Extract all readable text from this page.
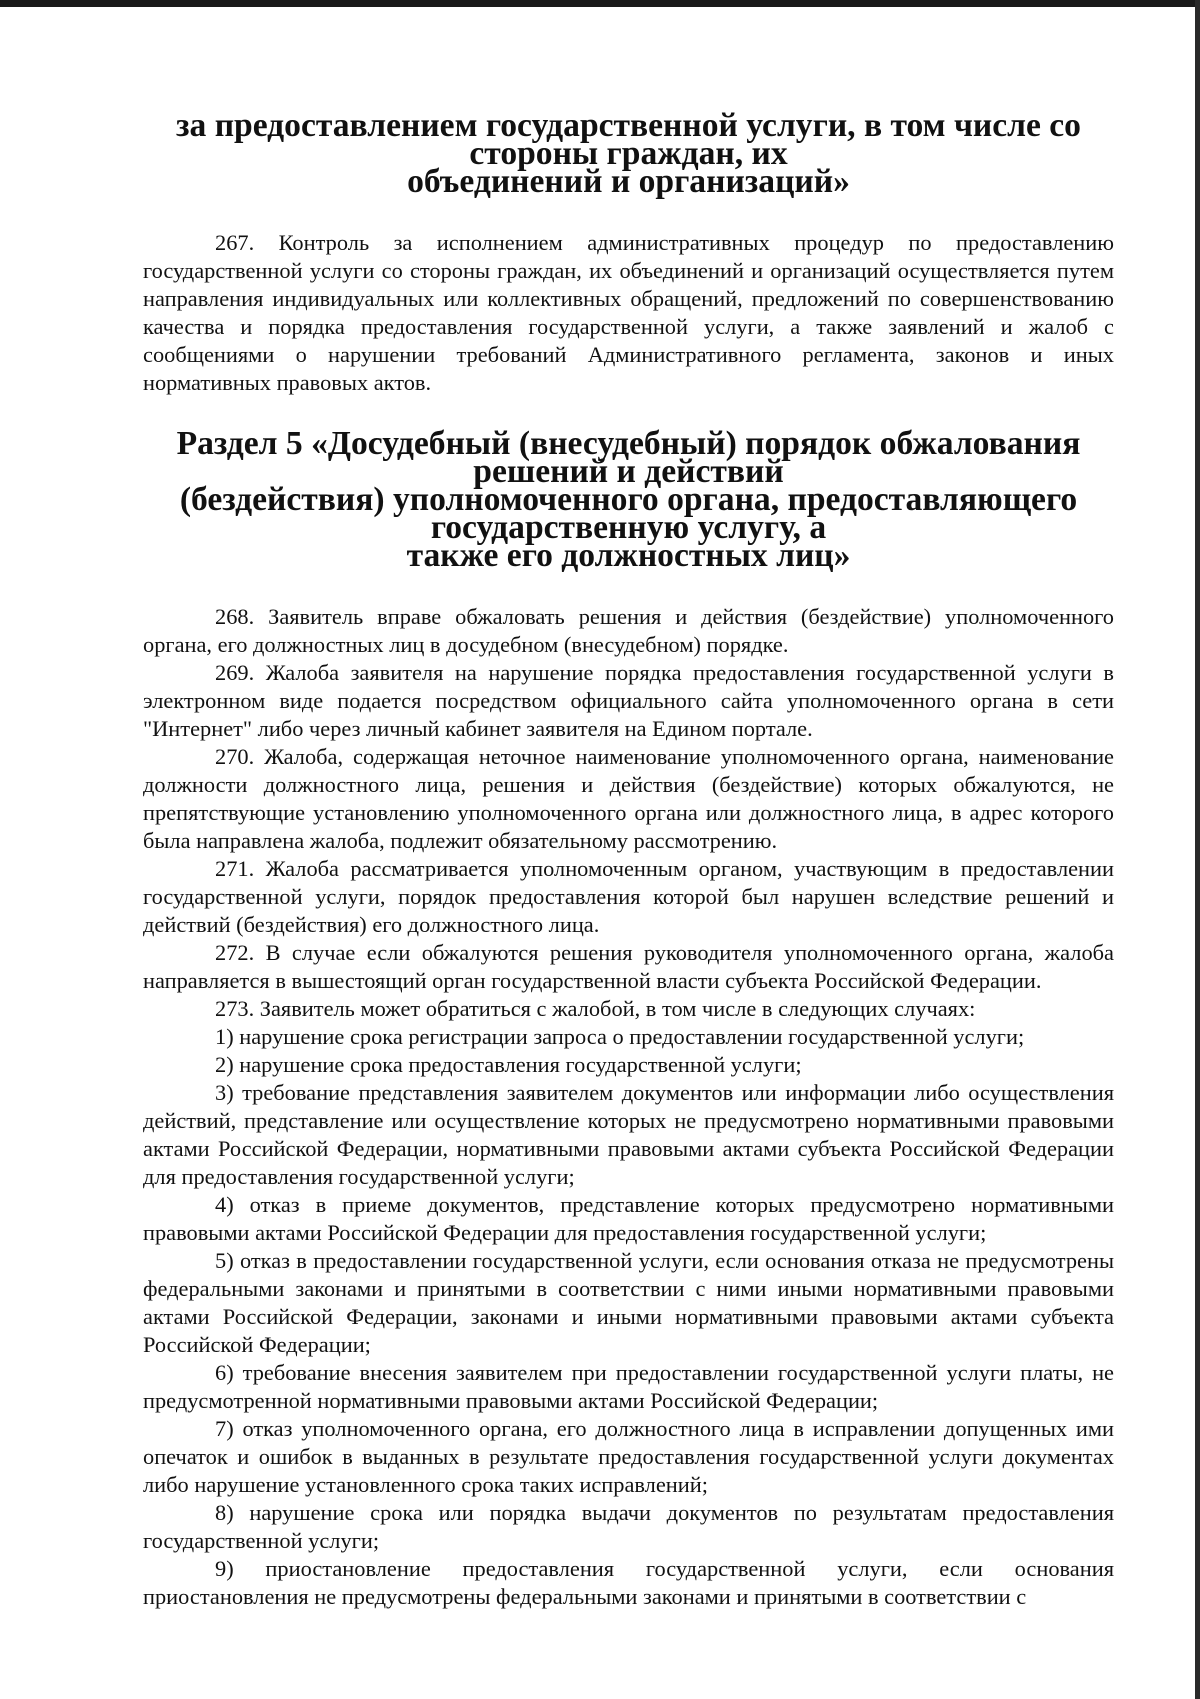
за предоставлением государственной услуги, в том числе со стороны граждан, их
объединений и организаций»

267. Контроль за исполнением административных процедур по предоставлению государственной услуги со стороны граждан, их объединений и организаций осуществляется путем направления индивидуальных или коллективных обращений, предложений по совершенствованию качества и порядка предоставления государственной услуги, а также заявлений и жалоб с сообщениями о нарушении требований Административного регламента, законов и иных нормативных правовых актов.

Раздел 5 «Досудебный (внесудебный) порядок обжалования решений и действий
(бездействия) уполномоченного органа, предоставляющего государственную услугу, а
также его должностных лиц»

268. Заявитель вправе обжаловать решения и действия (бездействие) уполномоченного органа, его должностных лиц в досудебном (внесудебном) порядке.

269. Жалоба заявителя на нарушение порядка предоставления государственной услуги в электронном виде подается посредством официального сайта уполномоченного органа в сети "Интернет" либо через личный кабинет заявителя на Едином портале.

270. Жалоба, содержащая неточное наименование уполномоченного органа, наименование должности должностного лица, решения и действия (бездействие) которых обжалуются, не препятствующие установлению уполномоченного органа или должностного лица, в адрес которого была направлена жалоба, подлежит обязательному рассмотрению.

271. Жалоба рассматривается уполномоченным органом, участвующим в предоставлении государственной услуги, порядок предоставления которой был нарушен вследствие решений и действий (бездействия) его должностного лица.

272. В случае если обжалуются решения руководителя уполномоченного органа, жалоба направляется в вышестоящий орган государственной власти субъекта Российской Федерации.

273. Заявитель может обратиться с жалобой, в том числе в следующих случаях:

1) нарушение срока регистрации запроса о предоставлении государственной услуги;

2) нарушение срока предоставления государственной услуги;

3) требование представления заявителем документов или информации либо осуществления действий, представление или осуществление которых не предусмотрено нормативными правовыми актами Российской Федерации, нормативными правовыми актами субъекта Российской Федерации для предоставления государственной услуги;

4) отказ в приеме документов, представление которых предусмотрено нормативными правовыми актами Российской Федерации для предоставления государственной услуги;

5) отказ в предоставлении государственной услуги, если основания отказа не предусмотрены федеральными законами и принятыми в соответствии с ними иными нормативными правовыми актами Российской Федерации, законами и иными нормативными правовыми актами субъекта Российской Федерации;

6) требование внесения заявителем при предоставлении государственной услуги платы, не предусмотренной нормативными правовыми актами Российской Федерации;

7) отказ уполномоченного органа, его должностного лица в исправлении допущенных ими опечаток и ошибок в выданных в результате предоставления государственной услуги документах либо нарушение установленного срока таких исправлений;

8) нарушение срока или порядка выдачи документов по результатам предоставления государственной услуги;

9) приостановление предоставления государственной услуги, если основания приостановления не предусмотрены федеральными законами и принятыми в соответствии с
